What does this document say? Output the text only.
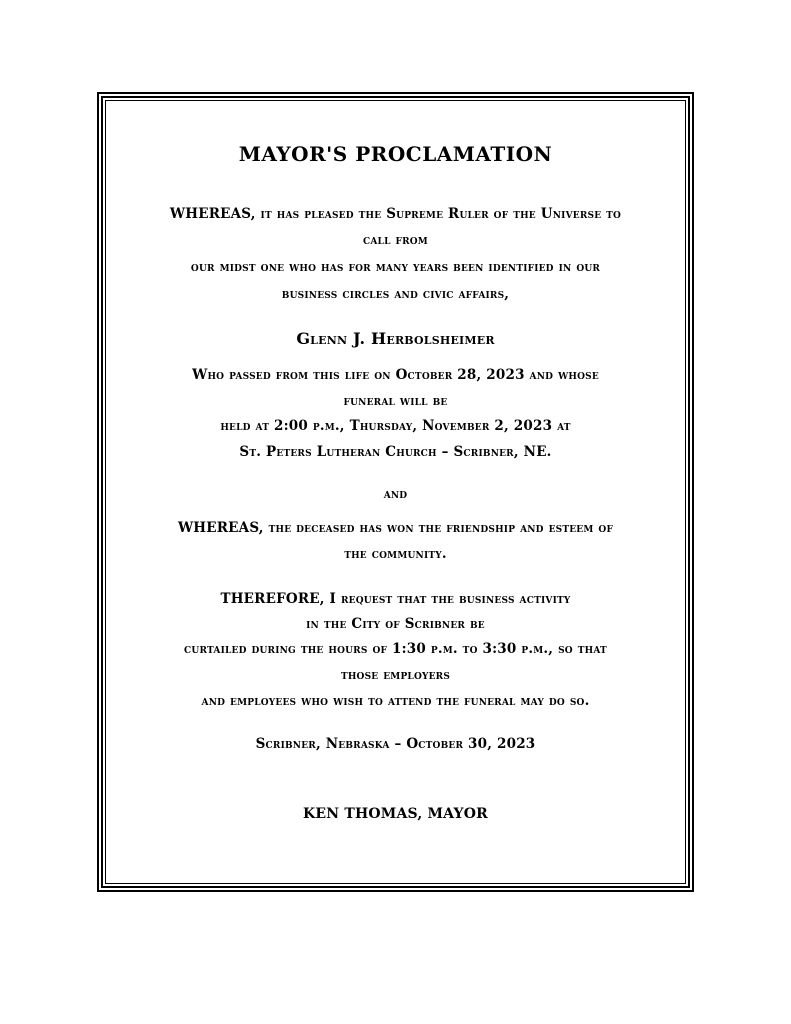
MAYOR'S PROCLAMATION
WHEREAS, it has pleased the Supreme Ruler of the Universe to
call from
our midst one who has for many years been identified in our
business circles and civic affairs,
Glenn J. Herbolsheimer
Who passed from this life on October 28, 2023 and whose
funeral will be
held at 2:00 p.m., Thursday, November 2, 2023 at
St. Peters Lutheran Church – Scribner, NE.
and
WHEREAS, the deceased has won the friendship and esteem of
the community.
THEREFORE, I request that the business activity
in the City of Scribner be
curtailed during the hours of 1:30 p.m. to 3:30 p.m., so that
those employers
and employees who wish to attend the funeral may do so.
Scribner, Nebraska – October 30, 2023
KEN THOMAS, MAYOR
